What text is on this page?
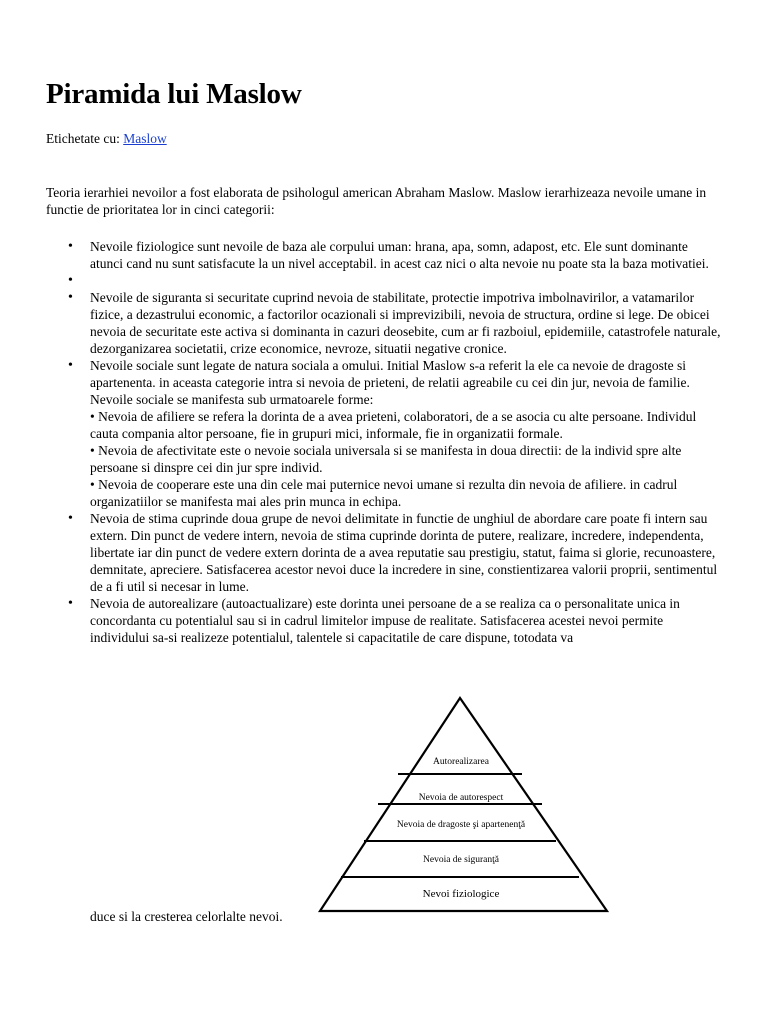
Piramida lui Maslow
Etichetate cu: Maslow

Teoria ierarhiei nevoilor a fost elaborata de psihologul american Abraham Maslow. Maslow ierarhizeaza nevoile umane in functie de prioritatea lor in cinci categorii:

• Nevoile fiziologice sunt nevoile de baza ale corpului uman: hrana, apa, somn, adapost, etc. Ele sunt dominante atunci cand nu sunt satisfacute la un nivel acceptabil. in acest caz nici o alta nevoie nu poate sta la baza motivatiei.
•
• Nevoile de siguranta si securitate cuprind nevoia de stabilitate, protectie impotriva imbolnavirilor, a vatamarilor fizice, a dezastrului economic, a factorilor ocazionali si imprevizibili, nevoia de structura, ordine si lege. De obicei nevoia de securitate este activa si dominanta in cazuri deosebite, cum ar fi razboiul, epidemiile, catastrofele naturale, dezorganizarea societatii, crize economice, nevroze, situatii negative cronice.
• Nevoile sociale sunt legate de natura sociala a omului. Initial Maslow s-a referit la ele ca nevoie de dragoste si apartenenta. in aceasta categorie intra si nevoia de prieteni, de relatii agreabile cu cei din jur, nevoia de familie. Nevoile sociale se manifesta sub urmatoarele forme:
• Nevoia de afiliere se refera la dorinta de a avea prieteni, colaboratori, de a se asocia cu alte persoane. Individul cauta compania altor persoane, fie in grupuri mici, informale, fie in organizatii formale.
• Nevoia de afectivitate este o nevoie sociala universala si se manifesta in doua directii: de la individ spre alte persoane si dinspre cei din jur spre individ.
• Nevoia de cooperare este una din cele mai puternice nevoi umane si rezulta din nevoia de afiliere. in cadrul organizatiilor se manifesta mai ales prin munca in echipa.
• Nevoia de stima cuprinde doua grupe de nevoi delimitate in functie de unghiul de abordare care poate fi intern sau extern. Din punct de vedere intern, nevoia de stima cuprinde dorinta de putere, realizare, incredere, independenta, libertate iar din punct de vedere extern dorinta de a avea reputatie sau prestigiu, statut, faima si glorie, recunoastere, demnitate, apreciere. Satisfacerea acestor nevoi duce la incredere in sine, constientizarea valorii proprii, sentimentul de a fi util si necesar in lume.
• Nevoia de autorealizare (autoactualizare) este dorinta unei persoane de a se realiza ca o personalitate unica in concordanta cu potentialul sau si in cadrul limitelor impuse de realitate. Satisfacerea acestei nevoi permite individului sa-si realizeze potentialul, talentele si capacitatile de care dispune, totodata va
Autorealizarea
Nevoia de autorespect
Nevoia de dragoste şi apartenenţă
Nevoia de siguranţă
Nevoi fiziologice
duce si la cresterea celorlalte nevoi.
